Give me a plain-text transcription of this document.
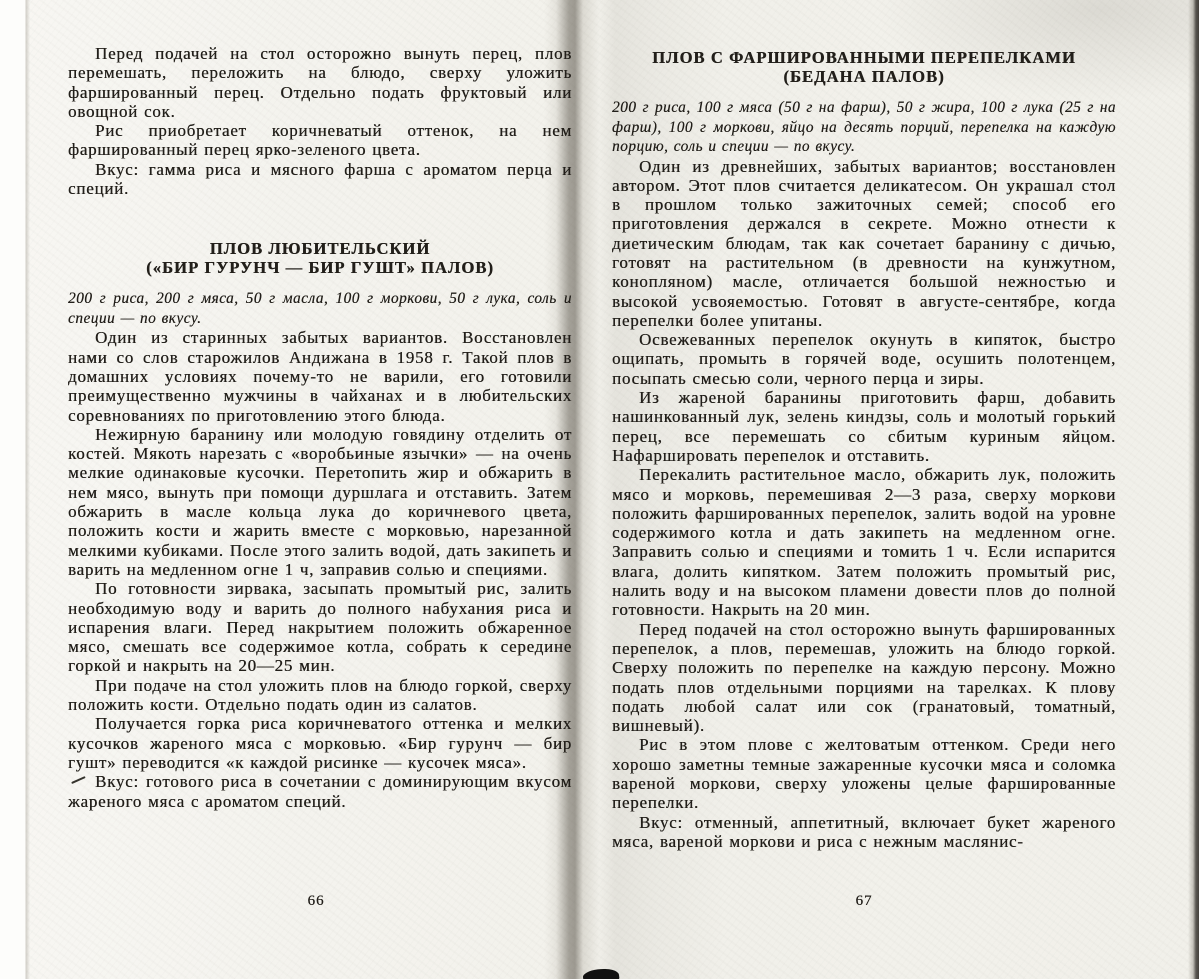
Перед подачей на стол осторожно вынуть перец, плов перемешать, переложить на блюдо, сверху уложить фаршированный перец. Отдельно подать фруктовый или овощной сок.

Рис приобретает коричневатый оттенок, на нем фаршированный перец ярко-зеленого цвета.

Вкус: гамма риса и мясного фарша с ароматом перца и специй.

ПЛОВ ЛЮБИТЕЛЬСКИЙ
(«БИР ГУРУНЧ — БИР ГУШТ» ПАЛОВ)

200 г риса, 200 г мяса, 50 г масла, 100 г моркови, 50 г лука, соль и специи — по вкусу.

Один из старинных забытых вариантов. Восстановлен нами со слов старожилов Андижана в 1958 г. Такой плов в домашних условиях почему-то не варили, его готовили преимущественно мужчины в чайханах и в любительских соревнованиях по приготовлению этого блюда.

Нежирную баранину или молодую говядину отделить от костей. Мякоть нарезать с «воробьиные язычки» — на очень мелкие одинаковые кусочки. Перетопить жир и обжарить в нем мясо, вынуть при помощи дуршлага и отставить. Затем обжарить в масле кольца лука до коричневого цвета, положить кости и жарить вместе с морковью, нарезанной мелкими кубиками. После этого залить водой, дать закипеть и варить на медленном огне 1 ч, заправив солью и специями.

По готовности зирвака, засыпать промытый рис, залить необходимую воду и варить до полного набухания риса и испарения влаги. Перед накрытием положить обжаренное мясо, смешать все содержимое котла, собрать к середине горкой и накрыть на 20—25 мин.

При подаче на стол уложить плов на блюдо горкой, сверху положить кости. Отдельно подать один из салатов.

Получается горка риса коричневатого оттенка и мелких кусочков жареного мяса с морковью. «Бир гурунч — бир гушт» переводится «к каждой рисинке — кусочек мяса».

Вкус: готового риса в сочетании с доминирующим вкусом жареного мяса с ароматом специй.

66
ПЛОВ С ФАРШИРОВАННЫМИ ПЕРЕПЕЛКАМИ
(БЕДАНА ПАЛОВ)

200 г риса, 100 г мяса (50 г на фарш), 50 г жира, 100 г лука (25 г на фарш), 100 г моркови, яйцо на десять порций, перепелка на каждую порцию, соль и специи — по вкусу.

Один из древнейших, забытых вариантов; восстановлен автором. Этот плов считается деликатесом. Он украшал стол в прошлом только зажиточных семей; способ его приготовления держался в секрете. Можно отнести к диетическим блюдам, так как сочетает баранину с дичью, готовят на растительном (в древности на кунжутном, конопляном) масле, отличается большой нежностью и высокой усвояемостью. Готовят в августе-сентябре, когда перепелки более упитаны.

Освежеванных перепелок окунуть в кипяток, быстро ощипать, промыть в горячей воде, осушить полотенцем, посыпать смесью соли, черного перца и зиры.

Из жареной баранины приготовить фарш, добавить нашинкованный лук, зелень киндзы, соль и молотый горький перец, все перемешать со сбитым куриным яйцом. Нафаршировать перепелок и отставить.

Перекалить растительное масло, обжарить лук, положить мясо и морковь, перемешивая 2—3 раза, сверху моркови положить фаршированных перепелок, залить водой на уровне содержимого котла и дать закипеть на медленном огне. Заправить солью и специями и томить 1 ч. Если испарится влага, долить кипятком. Затем положить промытый рис, налить воду и на высоком пламени довести плов до полной готовности. Накрыть на 20 мин.

Перед подачей на стол осторожно вынуть фаршированных перепелок, а плов, перемешав, уложить на блюдо горкой. Сверху положить по перепелке на каждую персону. Можно подать плов отдельными порциями на тарелках. К плову подать любой салат или сок (гранатовый, томатный, вишневый).

Рис в этом плове с желтоватым оттенком. Среди него хорошо заметны темные зажаренные кусочки мяса и соломка вареной моркови, сверху уложены целые фаршированные перепелки.

Вкус: отменный, аппетитный, включает букет жареного мяса, вареной моркови и риса с нежным маслянис-

67
